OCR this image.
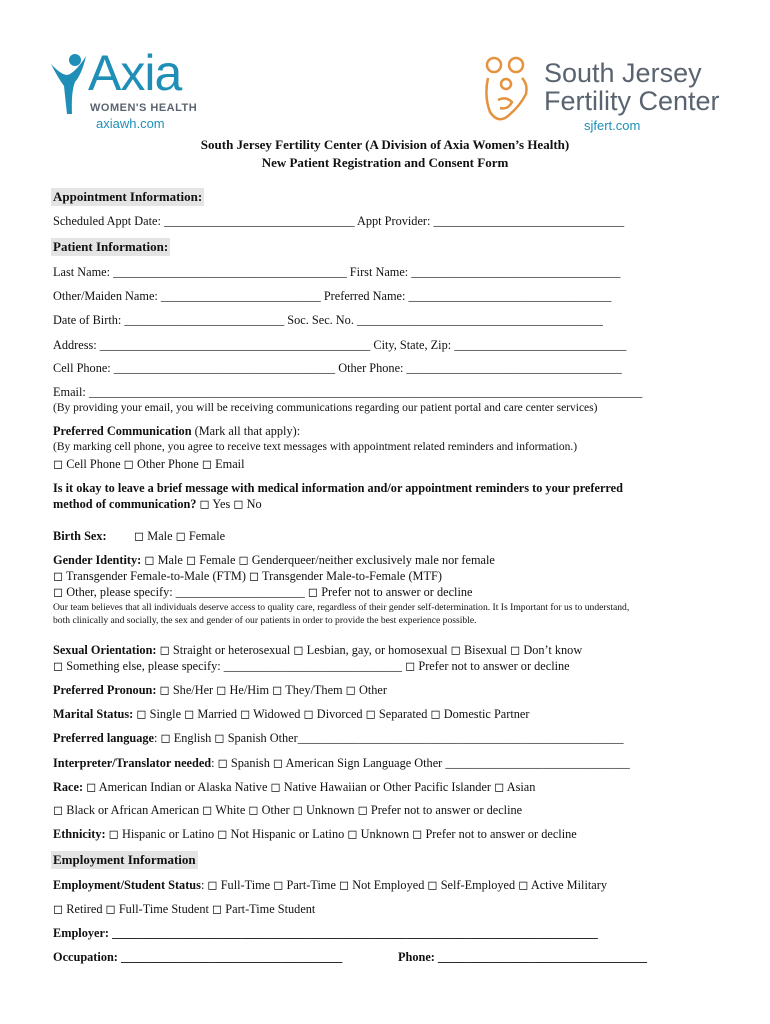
Axia
WOMEN'S HEALTH
axiawh.com
South Jersey
Fertility Center
sjfert.com
South Jersey Fertility Center (A Division of Axia Women’s Health)
New Patient Registration and Consent Form
Appointment Information:
Scheduled Appt Date: _______________________________ Appt Provider: _______________________________
Patient Information:
Last Name: ______________________________________ First Name: __________________________________
Other/Maiden Name: __________________________ Preferred Name: _________________________________
Date of Birth: __________________________ Soc. Sec. No. ________________________________________
Address: ____________________________________________ City, State, Zip: ____________________________
Cell Phone: ____________________________________ Other Phone: ___________________________________
Email: __________________________________________________________________________________________
(By providing your email, you will be receiving communications regarding our patient portal and care center services)
Preferred Communication (Mark all that apply):
(By marking cell phone, you agree to receive text messages with appointment related reminders and information.)
◻ Cell Phone ◻ Other Phone ◻ Email
Is it okay to leave a brief message with medical information and/or appointment reminders to your preferred
method of communication? ◻ Yes ◻ No
Birth Sex: ◻ Male ◻ Female
Gender Identity: ◻ Male ◻ Female ◻ Genderqueer/neither exclusively male nor female
◻ Transgender Female-to-Male (FTM) ◻ Transgender Male-to-Female (MTF)
◻ Other, please specify: _____________________ ◻ Prefer not to answer or decline
Our team believes that all individuals deserve access to quality care, regardless of their gender self-determination. It Is Important for us to understand,
both clinically and socially, the sex and gender of our patients in order to provide the best experience possible.
Sexual Orientation: ◻ Straight or heterosexual ◻ Lesbian, gay, or homosexual ◻ Bisexual ◻ Don’t know
◻ Something else, please specify: _____________________________ ◻ Prefer not to answer or decline
Preferred Pronoun: ◻ She/Her ◻ He/Him ◻ They/Them ◻ Other
Marital Status: ◻ Single ◻ Married ◻ Widowed ◻ Divorced ◻ Separated ◻ Domestic Partner
Preferred language: ◻ English ◻ Spanish Other_____________________________________________________
Interpreter/Translator needed: ◻ Spanish ◻ American Sign Language Other ______________________________
Race: ◻ American Indian or Alaska Native ◻ Native Hawaiian or Other Pacific Islander ◻ Asian
◻ Black or African American ◻ White ◻ Other ◻ Unknown ◻ Prefer not to answer or decline
Ethnicity: ◻ Hispanic or Latino ◻ Not Hispanic or Latino ◻ Unknown ◻ Prefer not to answer or decline
Employment Information
Employment/Student Status: ◻ Full-Time ◻ Part-Time ◻ Not Employed ◻ Self-Employed ◻ Active Military
◻ Retired ◻ Full-Time Student ◻ Part-Time Student
Employer: _______________________________________________________________________________
Occupation: ____________________________________	Phone: __________________________________
